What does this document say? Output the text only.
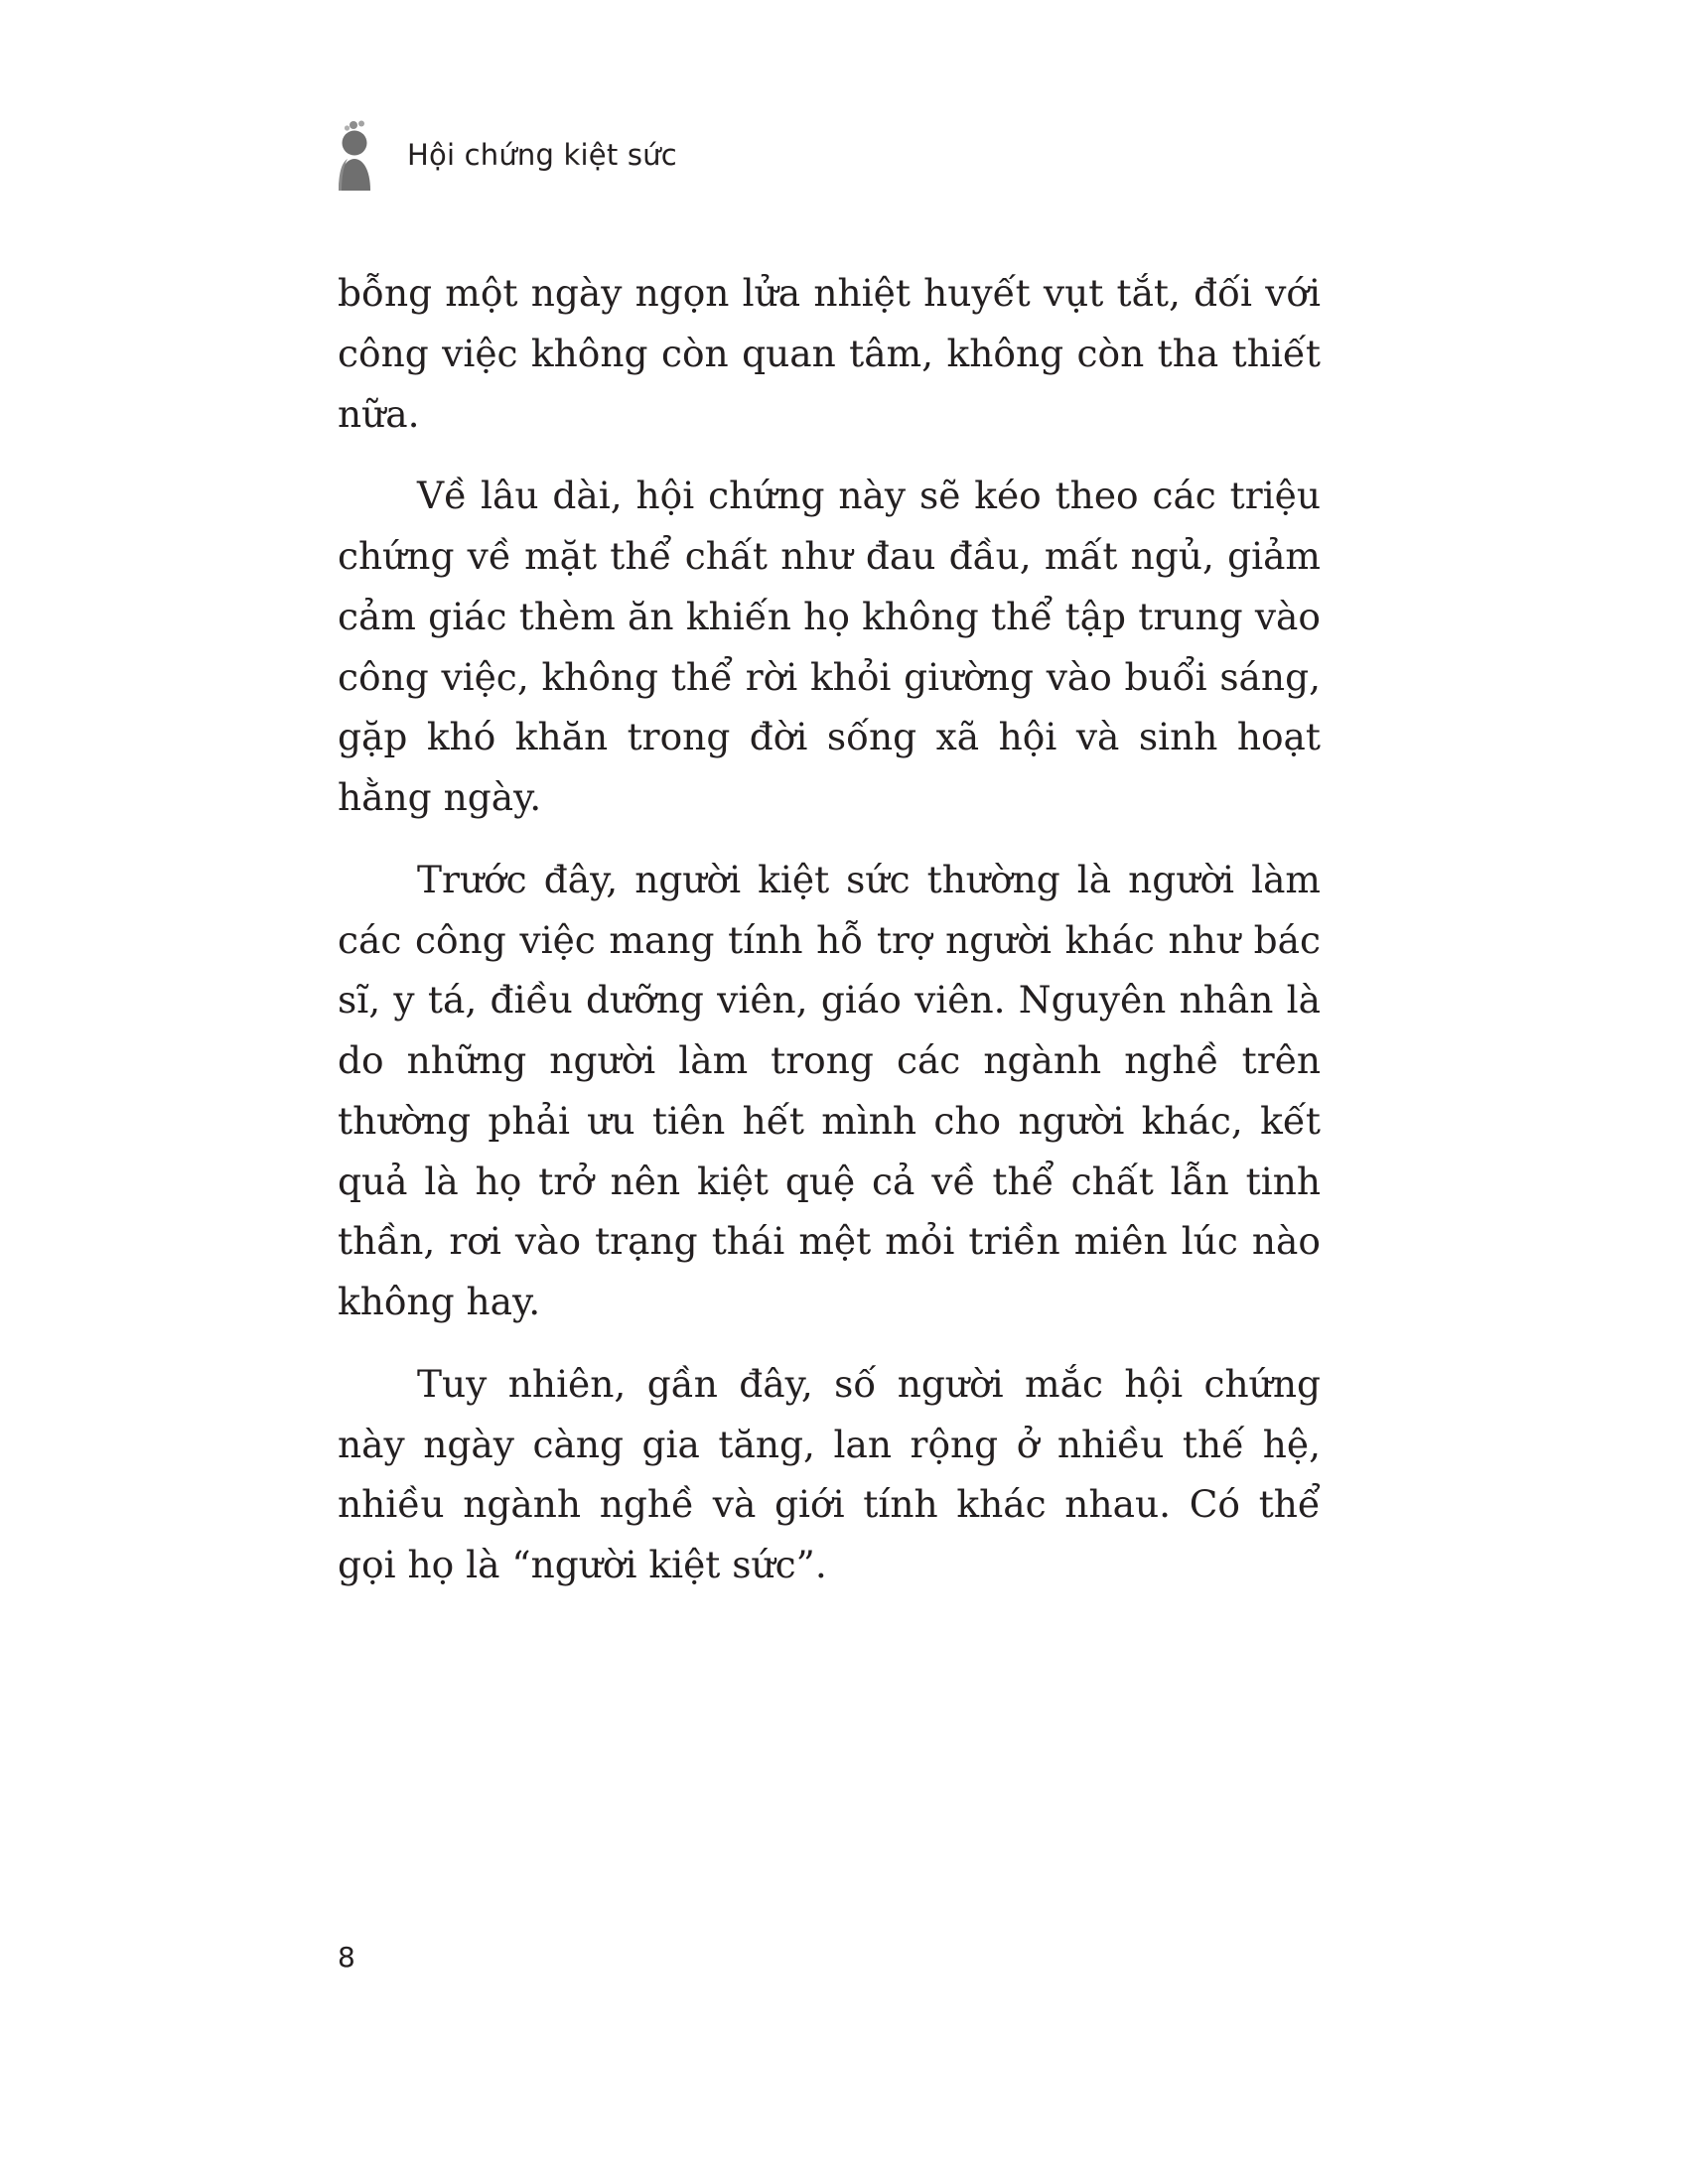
Hội chứng kiệt sức

bỗng một ngày ngọn lửa nhiệt huyết vụt tắt, đối với công việc không còn quan tâm, không còn tha thiết nữa.

Về lâu dài, hội chứng này sẽ kéo theo các triệu chứng về mặt thể chất như đau đầu, mất ngủ, giảm cảm giác thèm ăn khiến họ không thể tập trung vào công việc, không thể rời khỏi giường vào buổi sáng, gặp khó khăn trong đời sống xã hội và sinh hoạt hằng ngày.

Trước đây, người kiệt sức thường là người làm các công việc mang tính hỗ trợ người khác như bác sĩ, y tá, điều dưỡng viên, giáo viên. Nguyên nhân là do những người làm trong các ngành nghề trên thường phải ưu tiên hết mình cho người khác, kết quả là họ trở nên kiệt quệ cả về thể chất lẫn tinh thần, rơi vào trạng thái mệt mỏi triền miên lúc nào không hay.

Tuy nhiên, gần đây, số người mắc hội chứng này ngày càng gia tăng, lan rộng ở nhiều thế hệ, nhiều ngành nghề và giới tính khác nhau. Có thể gọi họ là “người kiệt sức”.

8
